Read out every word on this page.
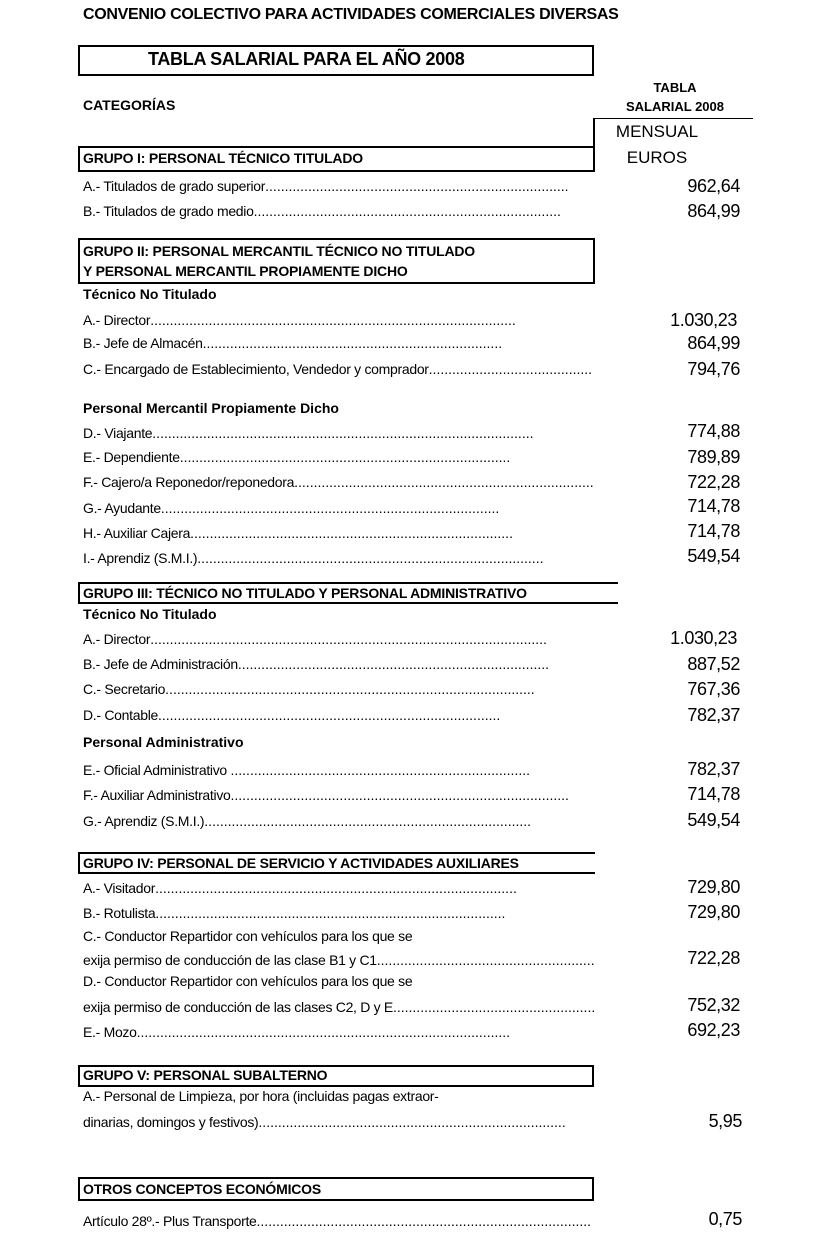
CONVENIO COLECTIVO PARA ACTIVIDADES COMERCIALES DIVERSAS
TABLA SALARIAL PARA EL AÑO 2008
TABLA
SALARIAL 2008
CATEGORÍAS
MENSUAL
EUROS
GRUPO I: PERSONAL TÉCNICO TITULADO
A.- Titulados de grado superior..............................................................................	962,64
B.- Titulados de grado medio...............................................................................	864,99
GRUPO II: PERSONAL MERCANTIL TÉCNICO NO TITULADO
Y PERSONAL MERCANTIL PROPIAMENTE DICHO
Técnico No Titulado
A.- Director..............................................................................................	1.030,23
B.- Jefe de Almacén.............................................................................	864,99
C.- Encargado de Establecimiento, Vendedor y comprador..........................................	794,76
Personal Mercantil Propiamente Dicho
D.- Viajante..................................................................................................	774,88
E.- Dependiente.....................................................................................	789,89
F.- Cajero/a Reponedor/reponedora.............................................................................	722,28
G.- Ayudante.......................................................................................	714,78
H.- Auxiliar Cajera...................................................................................	714,78
I.- Aprendiz (S.M.I.).........................................................................................	549,54
GRUPO III: TÉCNICO NO TITULADO Y PERSONAL ADMINISTRATIVO
Técnico No Titulado
A.- Director......................................................................................................	1.030,23
B.- Jefe de Administración................................................................................	887,52
C.- Secretario...............................................................................................	767,36
D.- Contable........................................................................................	782,37
Personal Administrativo
E.- Oficial Administrativo .............................................................................	782,37
F.- Auxiliar Administrativo.......................................................................................	714,78
G.- Aprendiz (S.M.I.)....................................................................................	549,54
GRUPO IV: PERSONAL DE SERVICIO Y ACTIVIDADES AUXILIARES
A.- Visitador.............................................................................................	729,80
B.- Rotulista..........................................................................................	729,80
C.- Conductor Repartidor con vehículos para los que se
exija permiso de conducción de las clase B1 y C1........................................................	722,28
D.- Conductor Repartidor con vehículos para los que se
exija permiso de conducción de las clases C2, D y E....................................................	752,32
E.- Mozo................................................................................................	692,23
GRUPO V: PERSONAL SUBALTERNO
A.- Personal de Limpieza, por hora (incluidas pagas extraor-
dinarias, domingos y festivos)...............................................................................	5,95
OTROS CONCEPTOS ECONÓMICOS
Artículo 28º.- Plus Transporte......................................................................................	0,75
